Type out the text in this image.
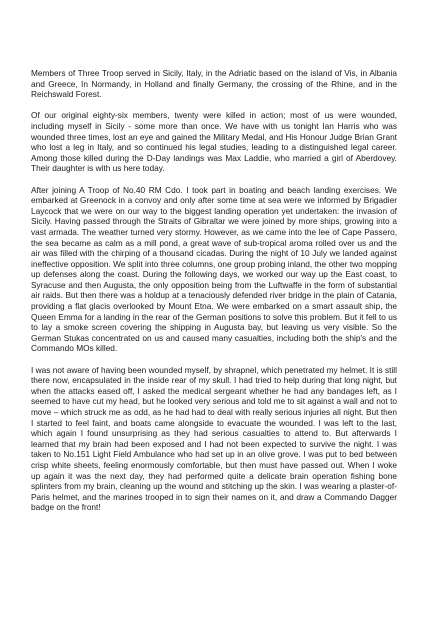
Members of Three Troop served in Sicily, Italy, in the Adriatic based on the island of Vis, in Albania and Greece, In Normandy, in Holland and finally Germany, the crossing of the Rhine, and in the Reichswald Forest.

Of our original eighty-six members, twenty were killed in action; most of us were wounded, including myself in Sicily - some more than once. We have with us tonight Ian Harris who was wounded three times, lost an eye and gained the Military Medal, and His Honour Judge Brian Grant who lost a leg in Italy, and so continued his legal studies, leading to a distinguished legal career. Among those killed during the D-Day landings was Max Laddie, who married a girl of Aberdovey. Their daughter is with us here today.

After joining A Troop of No.40 RM Cdo. I took part in boating and beach landing exercises. We embarked at Greenock in a convoy and only after some time at sea were we informed by Brigadier Laycock that we were on our way to the biggest landing operation yet undertaken: the invasion of Sicily. Having passed through the Straits of Gibraltar we were joined by more ships, growing into a vast armada. The weather turned very stormy. However, as we came into the lee of Cape Passero, the sea became as calm as a mill pond, a great wave of sub-tropical aroma rolled over us and the air was filled with the chirping of a thousand cicadas. During the night of 10 July we landed against ineffective opposition. We split into three columns, one group probing inland, the other two mopping up defenses along the coast. During the following days, we worked our way up the East coast, to Syracuse and then Augusta, the only opposition being from the Luftwaffe in the form of substantial air raids. But then there was a holdup at a tenaciously defended river bridge in the plain of Catania, providing a flat glacis overlooked by Mount Etna. We were embarked on a smart assault ship, the Queen Emma for a landing in the rear of the German positions to solve this problem. But it fell to us to lay a smoke screen covering the shipping in Augusta bay, but leaving us very visible. So the German Stukas concentrated on us and caused many casualties, including both the ship's and the Commando MOs killed.

I was not aware of having been wounded myself, by shrapnel, which penetrated my helmet. It is still there now, encapsulated in the inside rear of my skull. I had tried to help during that long night, but when the attacks eased off, I asked the medical sergeant whether he had any bandages left, as I seemed to have cut my head, but he looked very serious and told me to sit against a wall and not to move – which struck me as odd, as he had had to deal with really serious injuries all night. But then I started to feel faint, and boats came alongside to evacuate the wounded. I was left to the last, which again I found unsurprising as they had serious casualties to attend to. But afterwards I learned that my brain had been exposed and I had not been expected to survive the night. I was taken to No.151 Light Field Ambulance who had set up in an olive grove. I was put to bed between crisp white sheets, feeling enormously comfortable, but then must have passed out. When I woke up again it was the next day, they had performed quite a delicate brain operation fishing bone splinters from my brain, cleaning up the wound and stitching up the skin. I was wearing a plaster-of-Paris helmet, and the marines trooped in to sign their names on it, and draw a Commando Dagger badge on the front!
